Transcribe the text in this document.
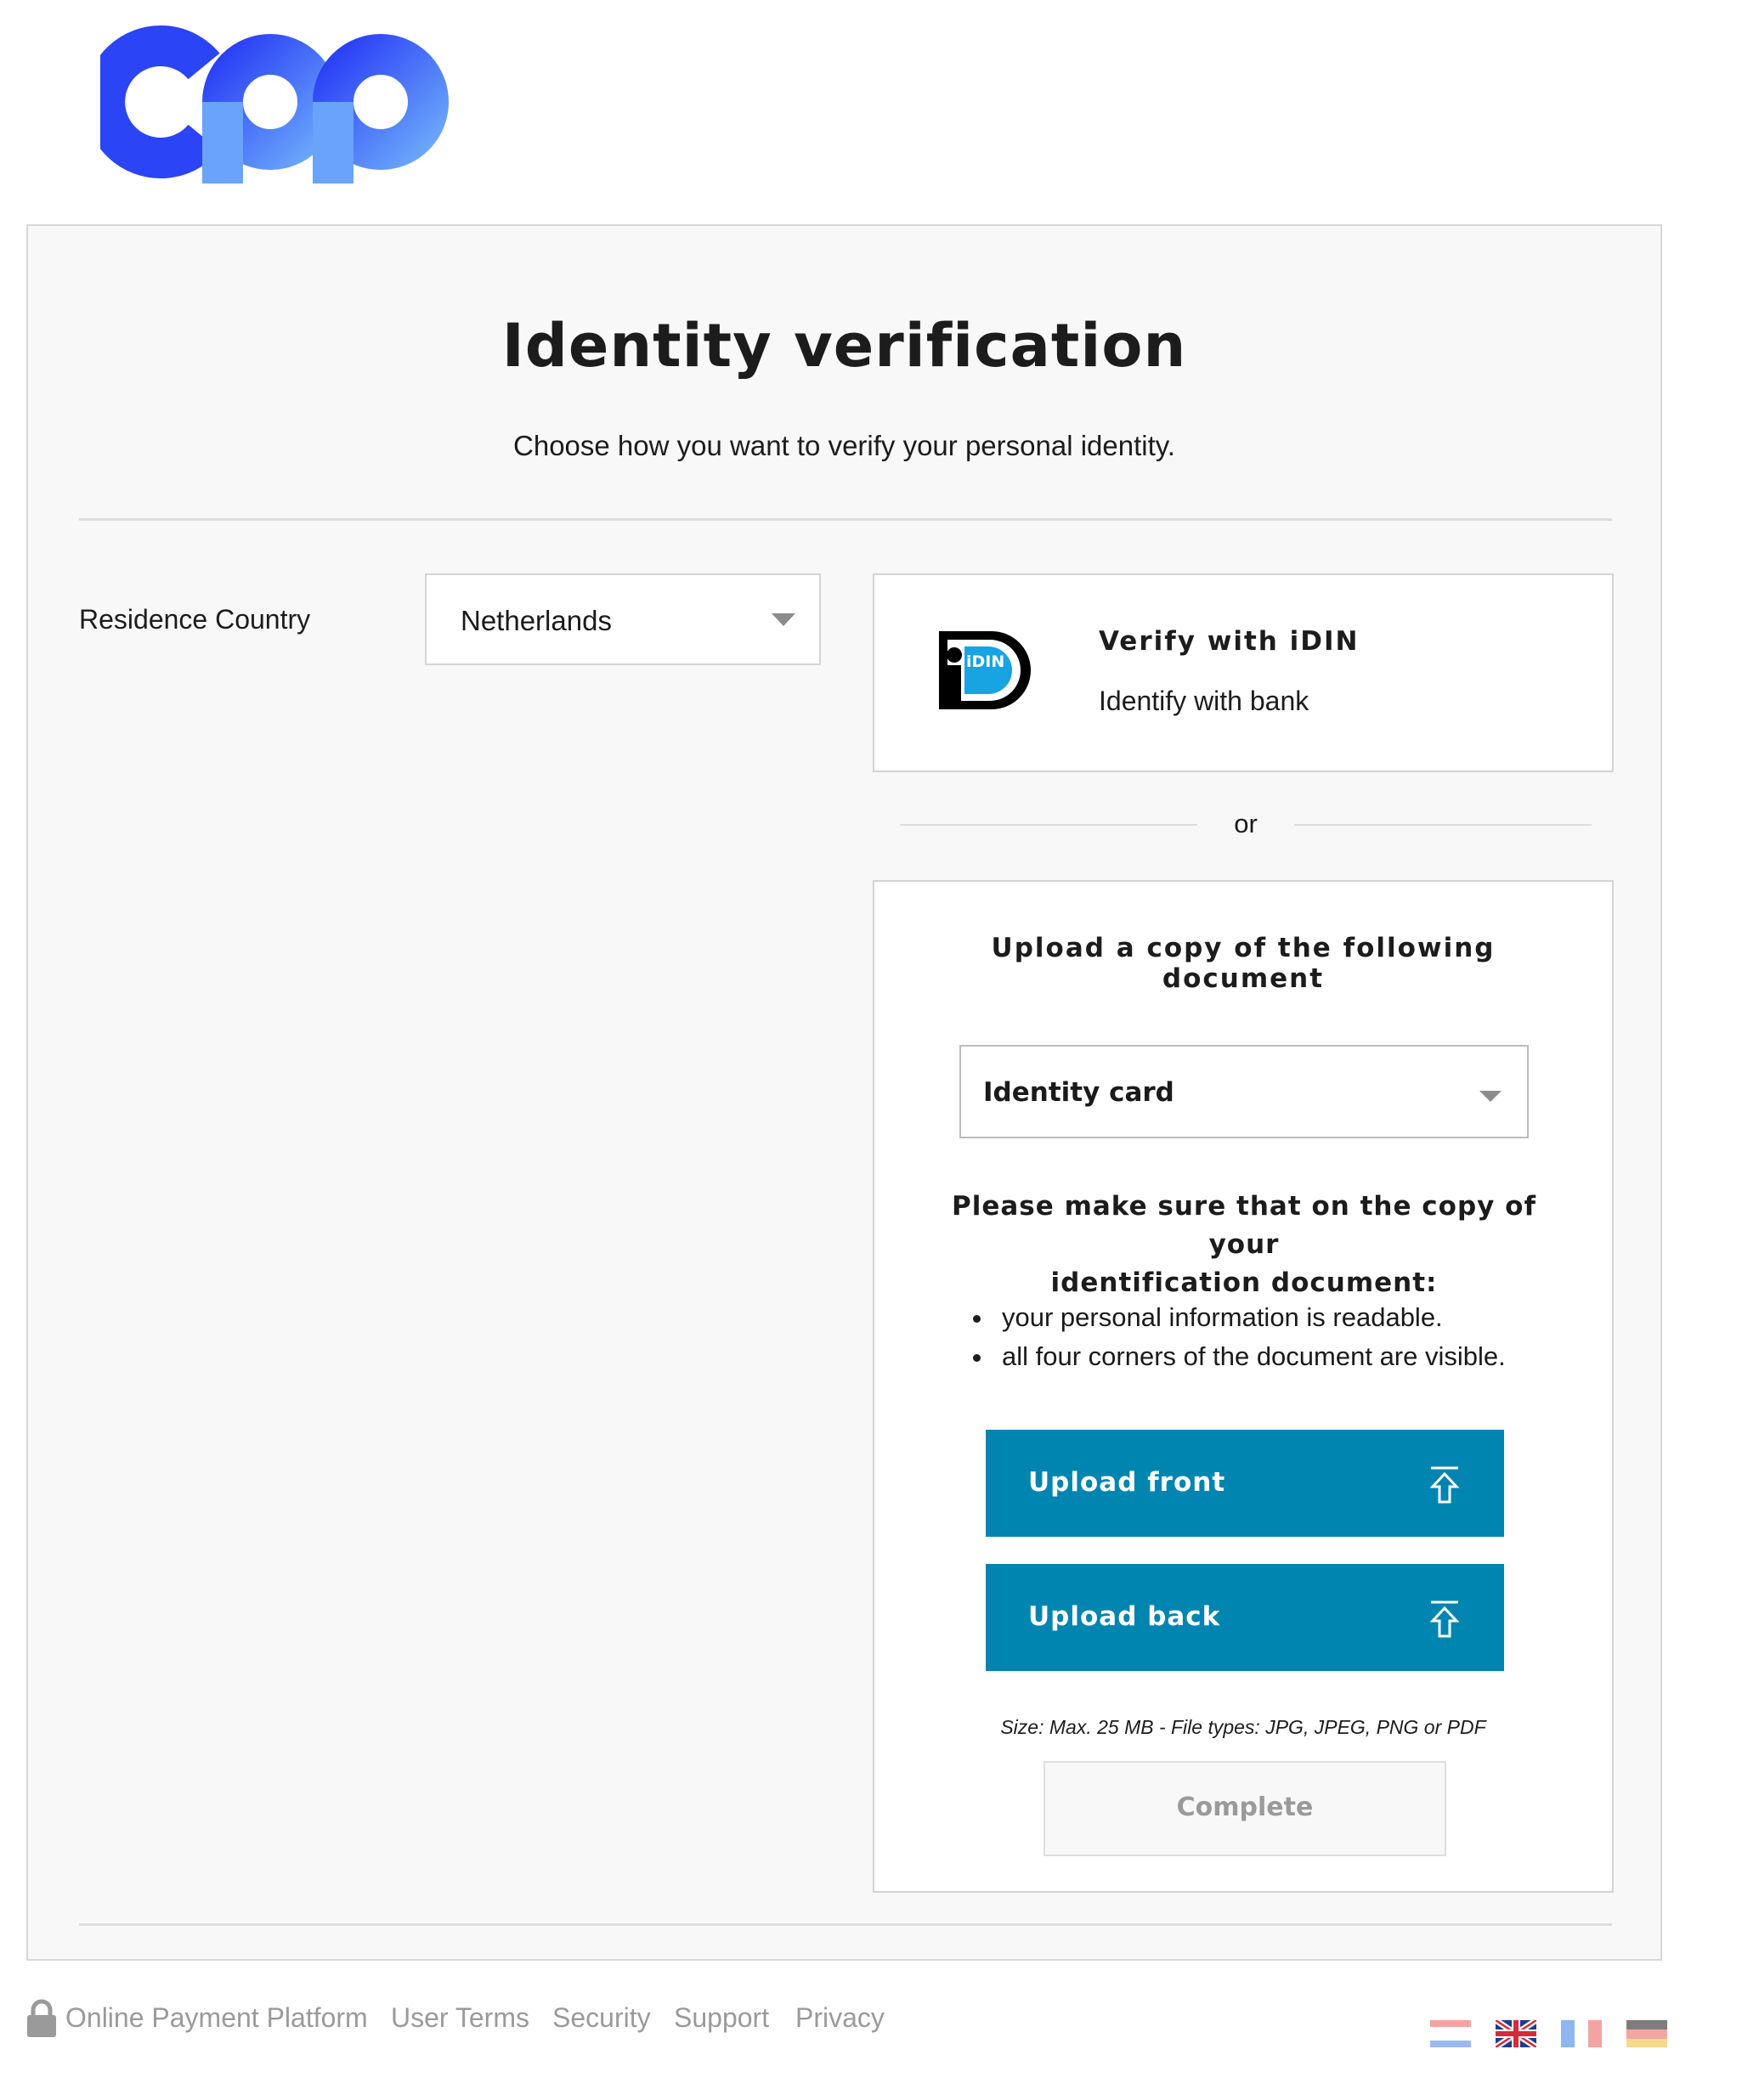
Identity verification
Choose how you want to verify your personal identity.
Residence Country	Netherlands
iDIN
Verify with iDIN
Identify with bank
or
Upload a copy of the following
document
Identity card
Please make sure that on the copy of your
identification document:
your personal information is readable.
all four corners of the document are visible.
Upload front
Upload back
Size: Max. 25 MB - File types: JPG, JPEG, PNG or PDF
Complete
Online Payment Platform User Terms Security Support Privacy
